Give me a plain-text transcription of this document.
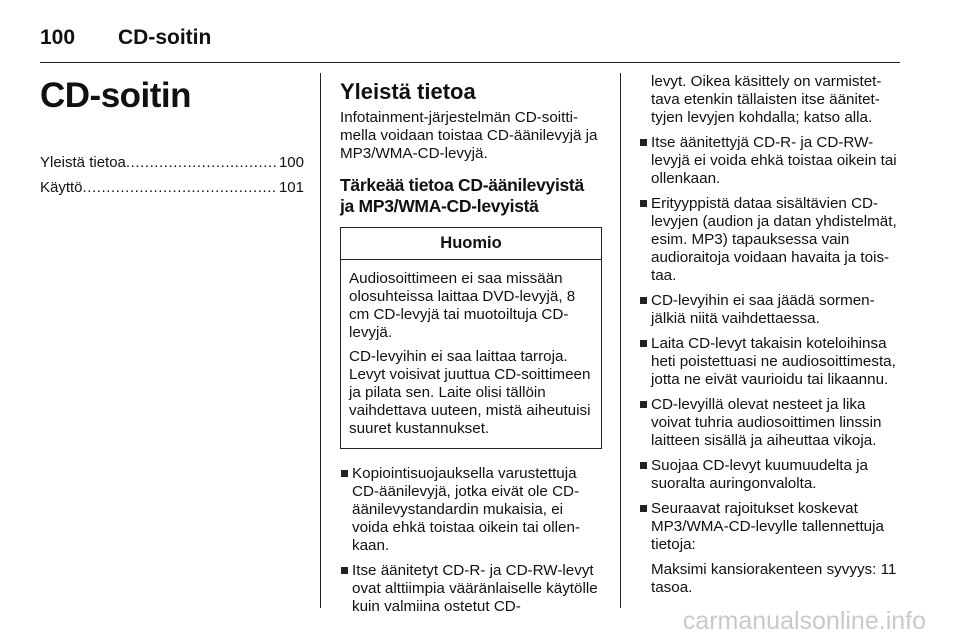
100	CD-soitin
CD-soitin
Yleistä tietoa . . .	100
Käyttö . . .	101
Yleistä tietoa

Infotainment-järjestelmän CD-soittimella voidaan toistaa CD-äänilevyjä ja MP3/WMA-CD-levyjä.

Tärkeää tietoa CD-äänilevyistä ja MP3/WMA-CD-levyistä
Huomio

Audiosoittimeen ei saa missään olosuhteissa laittaa DVD-levyjä, 8 cm CD-levyjä tai muotoiltuja CD-levyjä.

CD-levyihin ei saa laittaa tarroja. Levyt voisivat juuttua CD-soittimeen ja pilata sen. Laite olisi tällöin vaihdettava uuteen, mistä aiheutuisi suuret kustannukset.

Kopiointisuojauksella varustettuja CD-äänilevyjä, jotka eivät ole CD-äänilevystandardin mukaisia, ei voida ehkä toistaa oikein tai ollenkaan.
Itse äänitetyt CD-R- ja CD-RW-levyt ovat alttiimpia vääränlaiselle käytölle kuin valmiina ostetut CD-
levyt. Oikea käsittely on varmistettava etenkin tällaisten itse äänitettyjen levyjen kohdalla; katso alla.
Itse äänitettyjä CD-R- ja CD-RW-levyjä ei voida ehkä toistaa oikein tai ollenkaan.
Erityyppistä dataa sisältävien CD-levyjen (audion ja datan yhdistelmät, esim. MP3) tapauksessa vain audioraitoja voidaan havaita ja toistaa.
CD-levyihin ei saa jäädä sormenjälkiä niitä vaihdettaessa.
Laita CD-levyt takaisin koteloihinsa heti poistettuasi ne audiosoittimesta, jotta ne eivät vaurioidu tai likaannu.
CD-levyillä olevat nesteet ja lika voivat tuhria audiosoittimen linssin laitteen sisällä ja aiheuttaa vikoja.
Suojaa CD-levyt kuumuudelta ja suoralta auringonvalolta.
Seuraavat rajoitukset koskevat MP3/WMA-CD-levylle tallennettuja tietoja:
Maksimi kansiorakenteen syvyys: 11 tasoa.
carmanualsonline.info
